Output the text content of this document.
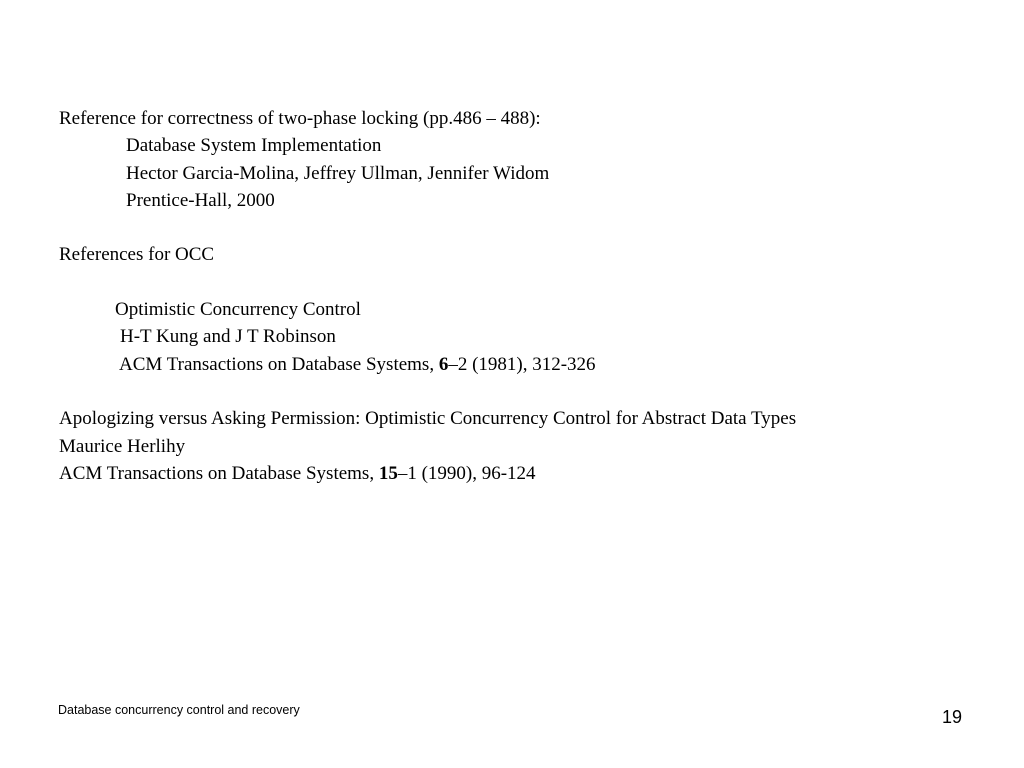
Reference for correctness of two-phase locking (pp.486 – 488):
Database System Implementation
Hector Garcia-Molina, Jeffrey Ullman, Jennifer Widom
Prentice-Hall, 2000
References for OCC
Optimistic Concurrency Control
H-T Kung and J T Robinson
ACM Transactions on Database Systems, 6–2 (1981), 312-326
Apologizing versus Asking Permission: Optimistic Concurrency Control for Abstract Data Types
Maurice Herlihy
ACM Transactions on Database Systems, 15–1 (1990), 96-124
Database concurrency control and recovery	19
